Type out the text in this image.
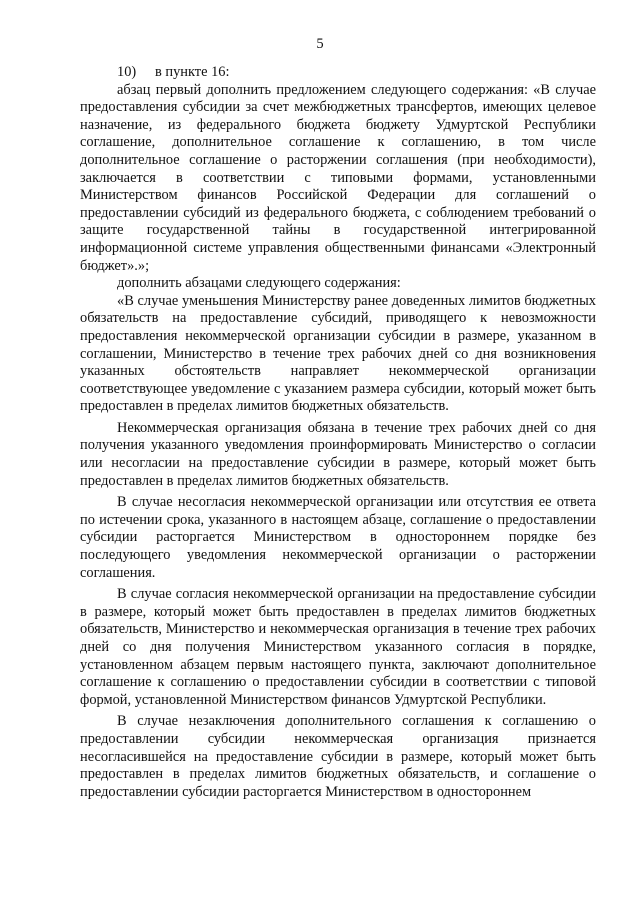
5

10)	в пункте 16:

абзац первый дополнить предложением следующего содержания: «В случае предоставления субсидии за счет межбюджетных трансфертов, имеющих целевое назначение, из федерального бюджета бюджету Удмуртской Республики соглашение, дополнительное соглашение к соглашению, в том числе дополнительное соглашение о расторжении соглашения (при необходимости), заключается в соответствии с типовыми формами, установленными Министерством финансов Российской Федерации для соглашений о предоставлении субсидий из федерального бюджета, с соблюдением требований о защите государственной тайны в государственной интегрированной информационной системе управления общественными финансами «Электронный бюджет».»;

дополнить абзацами следующего содержания:

«В случае уменьшения Министерству ранее доведенных лимитов бюджетных обязательств на предоставление субсидий, приводящего к невозможности предоставления некоммерческой организации субсидии в размере, указанном в соглашении, Министерство в течение трех рабочих дней со дня возникновения указанных обстоятельств направляет некоммерческой организации соответствующее уведомление с указанием размера субсидии, который может быть предоставлен в пределах лимитов бюджетных обязательств.

Некоммерческая организация обязана в течение трех рабочих дней со дня получения указанного уведомления проинформировать Министерство о согласии или несогласии на предоставление субсидии в размере, который может быть предоставлен в пределах лимитов бюджетных обязательств.

В случае несогласия некоммерческой организации или отсутствия ее ответа по истечении срока, указанного в настоящем абзаце, соглашение о предоставлении субсидии расторгается Министерством в одностороннем порядке без последующего уведомления некоммерческой организации о расторжении соглашения.

В случае согласия некоммерческой организации на предоставление субсидии в размере, который может быть предоставлен в пределах лимитов бюджетных обязательств, Министерство и некоммерческая организация в течение трех рабочих дней со дня получения Министерством указанного согласия в порядке, установленном абзацем первым настоящего пункта, заключают дополнительное соглашение к соглашению о предоставлении субсидии в соответствии с типовой формой, установленной Министерством финансов Удмуртской Республики.

В случае незаключения дополнительного соглашения к соглашению о предоставлении субсидии некоммерческая организация признается несогласившейся на предоставление субсидии в размере, который может быть предоставлен в пределах лимитов бюджетных обязательств, и соглашение о предоставлении субсидии расторгается Министерством в одностороннем
